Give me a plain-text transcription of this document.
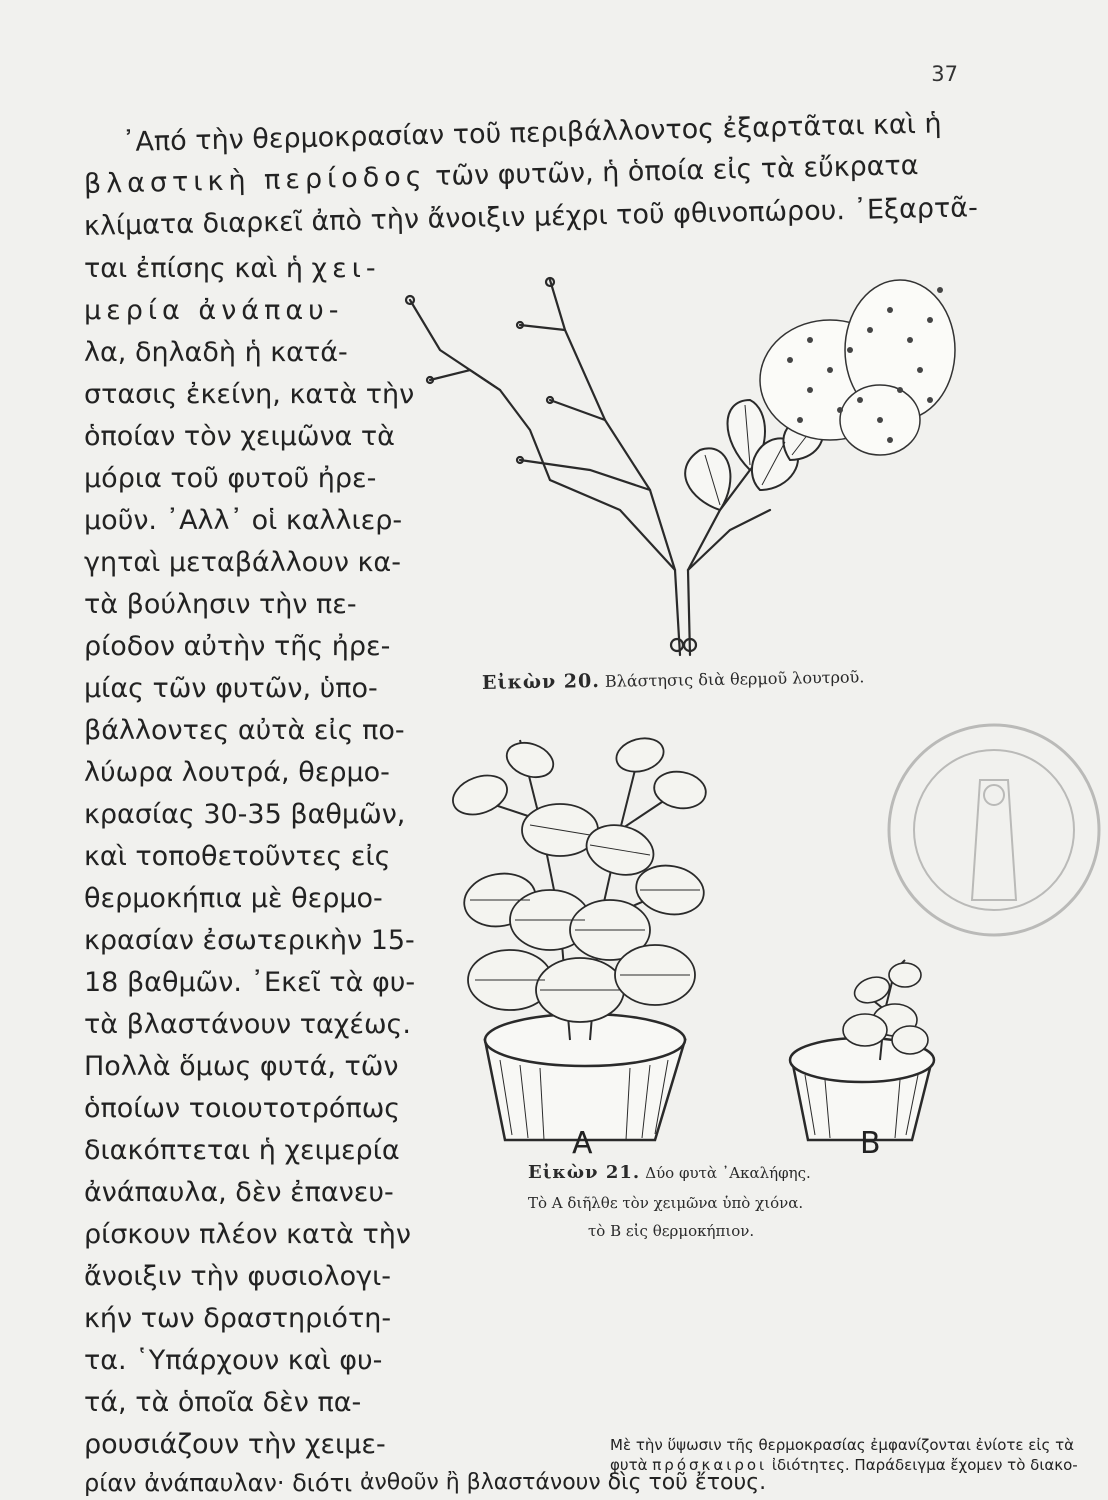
37
᾿Από τὴν θερμοκρασίαν τοῦ περιβάλλοντος ἐξαρτᾶται καὶ ἡ
βλαστικὴ περίοδος τῶν φυτῶν, ἡ ὁποία εἰς τὰ εὔκρατα
κλίματα διαρκεῖ ἀπὸ τὴν ἄνοιξιν μέχρι τοῦ φθινοπώρου. ᾿Εξαρτᾶ-
ται ἐπίσης καὶ ἡ χει-
μερία ἀνάπαυ-
λα, δηλαδὴ ἡ κατά-
στασις ἐκείνη, κατὰ τὴν
ὁποίαν τὸν χειμῶνα τὰ
μόρια τοῦ φυτοῦ ἠρε-
μοῦν. ᾿Αλλ᾿ οἱ καλλιερ-
γηταὶ μεταβάλλουν κα-
τὰ βούλησιν τὴν πε-
ρίοδον αὐτὴν τῆς ἠρε-
μίας τῶν φυτῶν, ὑπο-
βάλλοντες αὐτὰ εἰς πο-
λύωρα λουτρά, θερμο-
κρασίας 30-35 βαθμῶν,
καὶ τοποθετοῦντες εἰς
θερμοκήπια μὲ θερμο-
κρασίαν ἐσωτερικὴν 15-
18 βαθμῶν. ᾿Εκεῖ τὰ φυ-
τὰ βλαστάνουν ταχέως.
Πολλὰ ὅμως φυτά, τῶν
ὁποίων τοιουτοτρόπως
διακόπτεται ἡ χειμερία
ἀνάπαυλα, δὲν ἐπανευ-
ρίσκουν πλέον κατὰ τὴν
ἄνοιξιν τὴν φυσιολογι-
κήν των δραστηριότη-
τα. ῾Υπάρχουν καὶ φυ-
τά, τὰ ὁποῖα δὲν πα-
ρουσιάζουν τὴν χειμε-
ρίαν ἀνάπαυλαν· διότι ἀνθοῦν ἢ βλαστάνουν δὶς τοῦ ἔτους.
Μὲ τὴν ὕψωσιν τῆς θερμοκρασίας ἐμφανίζονται ἐνίοτε εἰς τὰ
φυτὰ πρόσκαιροι ἰδιότητες. Παράδειγμα ἔχομεν τὸ διακο-
Εἰκὼν 20. Βλάστησις διὰ θερμοῦ λουτροῦ.
Α	Β
Εἰκὼν 21. Δύο φυτὰ ᾿Ακαλήφης.
Τὸ Α διῆλθε τὸν χειμῶνα ὑπὸ χιόνα.
τὸ Β εἰς θερμοκήπιον.
